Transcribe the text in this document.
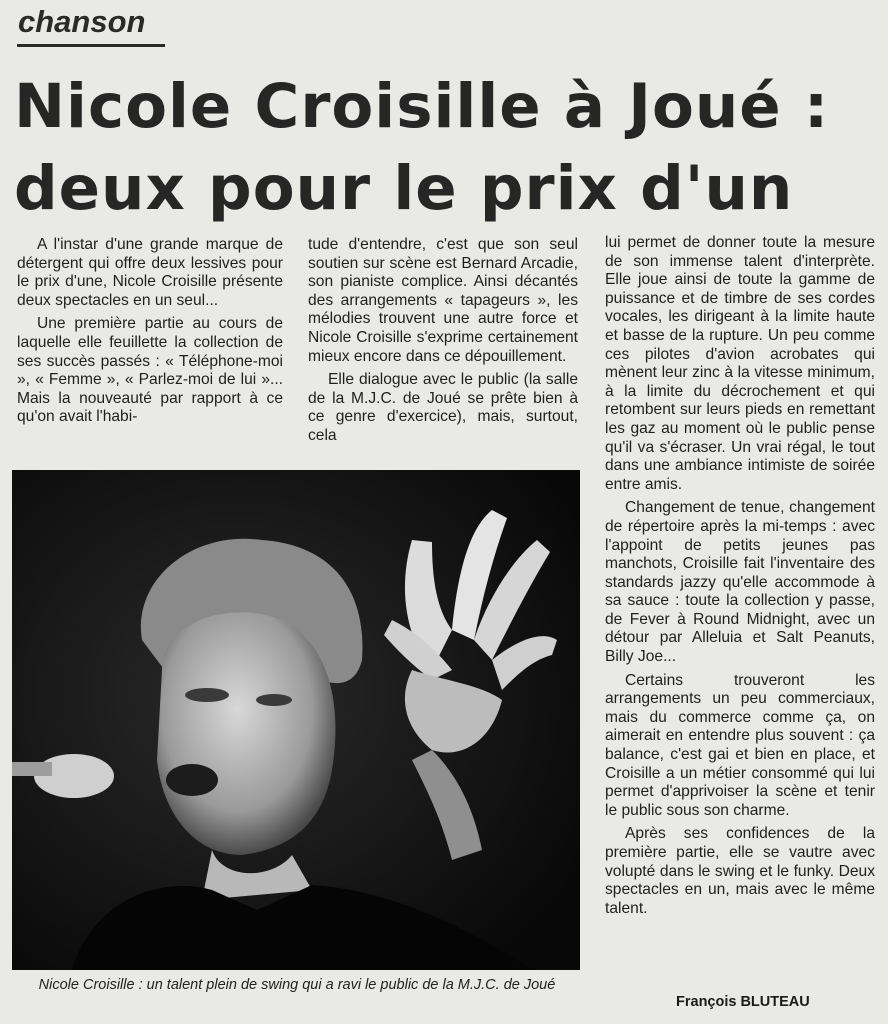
chanson
Nicole Croisille à Joué :
deux pour le prix d'un

A l'instar d'une grande marque de détergent qui offre deux lessives pour le prix d'une, Nicole Croisille présente deux spectacles en un seul...

Une première partie au cours de laquelle elle feuillette la collection de ses succès passés : « Téléphone-moi », « Femme », « Parlez-moi de lui »... Mais la nouveauté par rapport à ce qu'on avait l'habi-

tude d'entendre, c'est que son seul soutien sur scène est Bernard Arcadie, son pianiste complice. Ainsi décantés des arrangements « tapageurs », les mélodies trouvent une autre force et Nicole Croisille s'exprime certainement mieux encore dans ce dépouillement.

Elle dialogue avec le public (la salle de la M.J.C. de Joué se prête bien à ce genre d'exercice), mais, surtout, cela

lui permet de donner toute la mesure de son immense talent d'interprète. Elle joue ainsi de toute la gamme de puissance et de timbre de ses cordes vocales, les dirigeant à la limite haute et basse de la rupture. Un peu comme ces pilotes d'avion acrobates qui mènent leur zinc à la vitesse minimum, à la limite du décrochement et qui retombent sur leurs pieds en remettant les gaz au moment où le public pense qu'il va s'écraser. Un vrai régal, le tout dans une ambiance intimiste de soirée entre amis.

Changement de tenue, changement de répertoire après la mi-temps : avec l'appoint de petits jeunes pas manchots, Croisille fait l'inventaire des standards jazzy qu'elle accommode à sa sauce : toute la collection y passe, de Fever à Round Midnight, avec un détour par Alleluia et Salt Peanuts, Billy Joe...

Certains trouveront les arrangements un peu commerciaux, mais du commerce comme ça, on aimerait en entendre plus souvent : ça balance, c'est gai et bien en place, et Croisille a un métier consommé qui lui permet d'apprivoiser la scène et tenir le public sous son charme.

Après ses confidences de la première partie, elle se vautre avec volupté dans le swing et le funky. Deux spectacles en un, mais avec le même talent.

Nicole Croisille : un talent plein de swing qui a ravi le public de la M.J.C. de Joué
François BLUTEAU
